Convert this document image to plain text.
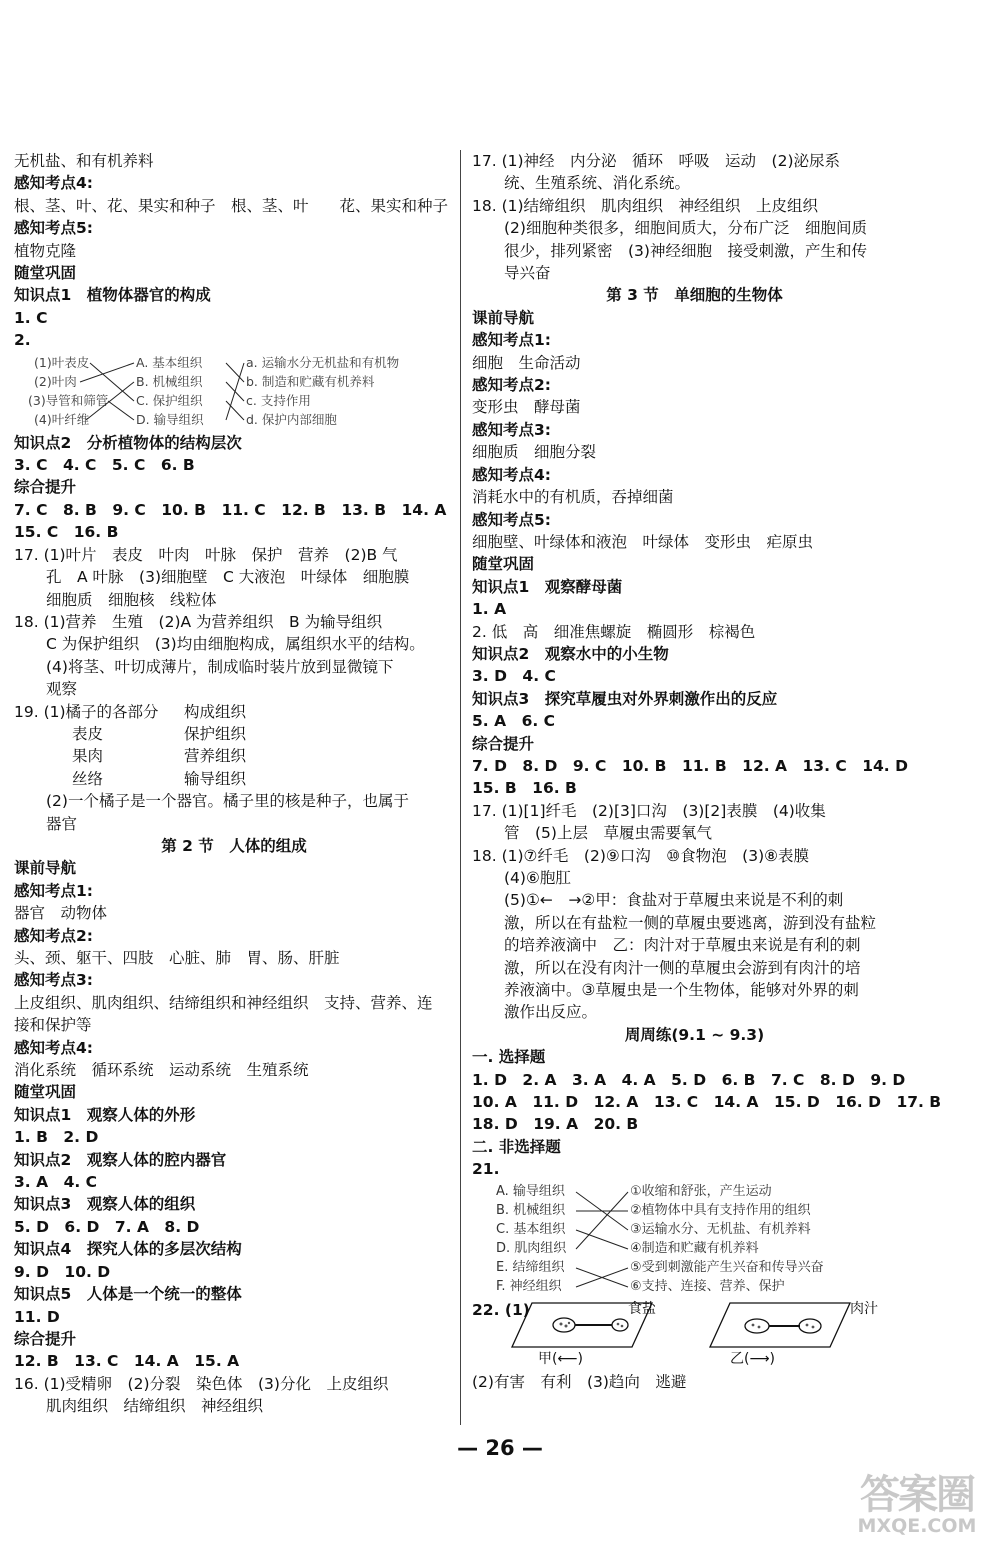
无机盐、和有机养料
感知考点4:
根、茎、叶、花、果实和种子　根、茎、叶　　花、果实和种子
感知考点5:
植物克隆
随堂巩固
知识点1　植物体器官的构成
1. C
2.
(1)叶表皮
(2)叶肉
(3)导管和筛管
(4)叶纤维
A. 基本组织
B. 机械组织
C. 保护组织
D. 输导组织
a. 运输水分无机盐和有机物
b. 制造和贮藏有机养料
c. 支持作用
d. 保护内部细胞
知识点2　分析植物体的结构层次
3. C　4. C　5. C　6. B
综合提升
7. C　8. B　9. C　10. B　11. C　12. B　13. B　14. A
15. C　16. B
17. (1)叶片　表皮　叶肉　叶脉　保护　营养　(2)B 气
孔　A 叶脉　(3)细胞壁　C 大液泡　叶绿体　细胞膜
细胞质　细胞核　线粒体
18. (1)营养　生殖　(2)A 为营养组织　B 为输导组织
C 为保护组织　(3)均由细胞构成，属组织水平的结构。
(4)将茎、叶切成薄片，制成临时装片放到显微镜下
观察
19. (1)橘子的各部分	构成组织
表皮	保护组织
果肉	营养组织
丝络	输导组织
(2)一个橘子是一个器官。橘子里的核是种子，也属于
器官
第 2 节　人体的组成
课前导航
感知考点1:
器官　动物体
感知考点2:
头、颈、躯干、四肢　心脏、肺　胃、肠、肝脏
感知考点3:
上皮组织、肌肉组织、结缔组织和神经组织　支持、营养、连
接和保护等
感知考点4:
消化系统　循环系统　运动系统　生殖系统
随堂巩固
知识点1　观察人体的外形
1. B　2. D
知识点2　观察人体的腔内器官
3. A　4. C
知识点3　观察人体的组织
5. D　6. D　7. A　8. D
知识点4　探究人体的多层次结构
9. D　10. D
知识点5　人体是一个统一的整体
11. D
综合提升
12. B　13. C　14. A　15. A
16. (1)受精卵　(2)分裂　染色体　(3)分化　上皮组织
肌肉组织　结缔组织　神经组织
17. (1)神经　内分泌　循环　呼吸　运动　(2)泌尿系
统、生殖系统、消化系统。
18. (1)结缔组织　肌肉组织　神经组织　上皮组织
(2)细胞种类很多，细胞间质大，分布广泛　细胞间质
很少，排列紧密　(3)神经细胞　接受刺激，产生和传
导兴奋
第 3 节　单细胞的生物体
课前导航
感知考点1:
细胞　生命活动
感知考点2:
变形虫　酵母菌
感知考点3:
细胞质　细胞分裂
感知考点4:
消耗水中的有机质，吞掉细菌
感知考点5:
细胞壁、叶绿体和液泡　叶绿体　变形虫　疟原虫
随堂巩固
知识点1　观察酵母菌
1. A
2. 低　高　细准焦螺旋　椭圆形　棕褐色
知识点2　观察水中的小生物
3. D　4. C
知识点3　探究草履虫对外界刺激作出的反应
5. A　6. C
综合提升
7. D　8. D　9. C　10. B　11. B　12. A　13. C　14. D
15. B　16. B
17. (1)[1]纤毛　(2)[3]口沟　(3)[2]表膜　(4)收集
管　(5)上层　草履虫需要氧气
18. (1)⑦纤毛　(2)⑨口沟　⑩食物泡　(3)⑧表膜
(4)⑥胞肛
(5)①←　→②甲：食盐对于草履虫来说是不利的刺
激，所以在有盐粒一侧的草履虫要逃离，游到没有盐粒
的培养液滴中　乙：肉汁对于草履虫来说是有利的刺
激，所以在没有肉汁一侧的草履虫会游到有肉汁的培
养液滴中。③草履虫是一个生物体，能够对外界的刺
激作出反应。
周周练(9.1 ~ 9.3)
一. 选择题
1. D　2. A　3. A　4. A　5. D　6. B　7. C　8. D　9. D
10. A　11. D　12. A　13. C　14. A　15. D　16. D　17. B
18. D　19. A　20. B
二. 非选择题
21.
A. 输导组织
B. 机械组织
C. 基本组织
D. 肌肉组织
E. 结缔组织
F. 神经组织
①收缩和舒张，产生运动
②植物体中具有支持作用的组织
③运输水分、无机盐、有机养料
④制造和贮藏有机养料
⑤受到刺激能产生兴奋和传导兴奋
⑥支持、连接、营养、保护
22. (1)	食盐	肉汁
甲(⟵)	乙(⟶)
(2)有害　有利　(3)趋向　逃避
— 26 —
答案圈
MXQE.COM
